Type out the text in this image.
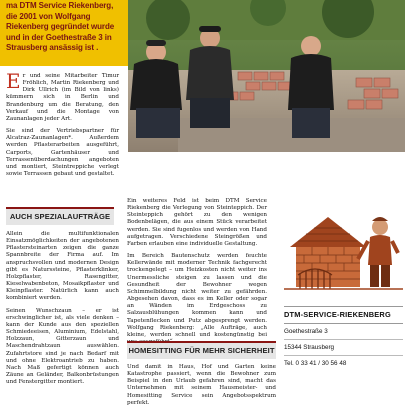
ma DTM Service Riekenberg, die 2001 von Wolfgang Riekenberg gegründet wurde und in der Goethestraße 3 in Strausberg ansässig ist .

Er und seine Mitarbeiter Timur Fröhlich, Martin Riekenberg und Dirk Ullrich (im Bild von links) kümmern sich in Berlin und Brandenburg um die Beratung, den Verkauf und die Montage von Zaunanlagen jeder Art.

Sie sind der Vertriebspartner für Alcatraz-Zaunanlagen*. Außerdem werden Pflasterarbeiten ausgeführt, Carports, Gartenhäuser und Terrassenüberdachungen angeboten und montiert, Steintreppiche verlegt sowie Terrassen gebaut und gestaltet.

AUCH SPEZIALAUFTRÄGE

Allein die multifunktionalen Einsatzmöglichkeiten der angebotenen Pflastersteinarten zeigen die ganze Spannbreite der Firma auf. Im anspruchsvollen und modernen Design gibt es Naturssteine, Pflasterklinker, Holzpflaster, Rasengitter, Kieselwabenbeton, Mosaikpflaster und Kleinpflaster. Natürlich kann auch kombiniert werden.

Seinen Wunschzaun – er ist erschwinglicher ist, als viele denken – kann der Kunde aus den speziellen Schmiedeeisen, Aluminium, Edelstahl, Holzzaun, Gitterzaun und Maschendrahtzaun auswählen. Zufahrtstore sind je nach Bedarf mit und ohne Elektroantrieb zu haben. Nach Maß gefertigt können auch Zäune an Geländer, Balkonbrüstungen und Fenstergitter montiert.

Ein weiteres Feld ist beim DTM Service Riekenberg die Verlegung von Steinteppich. Der Steinteppich gehört zu den wenigen Bodenbelägen, die aus einem Stück verarbeitet werden. Sie sind fugenlos und werden von Hand aufgetragen. Verschiedene Steingrößen und Farben erlauben eine individuelle Gestaltung.

Im Bereich Bautenschutz werden feuchte Kellerwände mit moderner Technik fachgerecht trockengelegt – um Heizkosten nicht weiter ins Unermessliche steigen zu lassen und die Gesundheit der Bewohner wegen Schimmelbildung nicht weiter zu gefährden. Abgesehen davon, dass es im Keller oder sogar an Wänden im Erdgeschoss zu Salzausblühungen kommen kann und Tapetenflecken und Putz abgesprengt werden. Wolfgang Riekenberg: „Alle Aufträge, auch kleine, werden schnell und kostengünstig bei

HOMESITTING FÜR MEHR SICHERHEIT

Und damit in Haus, Hof und Garten keine Katastrophe passiert, wenn die Bewohner zum Beispiel in den Urlaub gefahren sind, macht das Unternehmen mit seinem Hausmeister- und Homesitting Service sein Angebotsspektrum perfekt.

DTM-SERVICE-RIEKENBERG
Goethestraße 3
15344 Strausberg
Tel. 0 33 41 / 30 56 48
